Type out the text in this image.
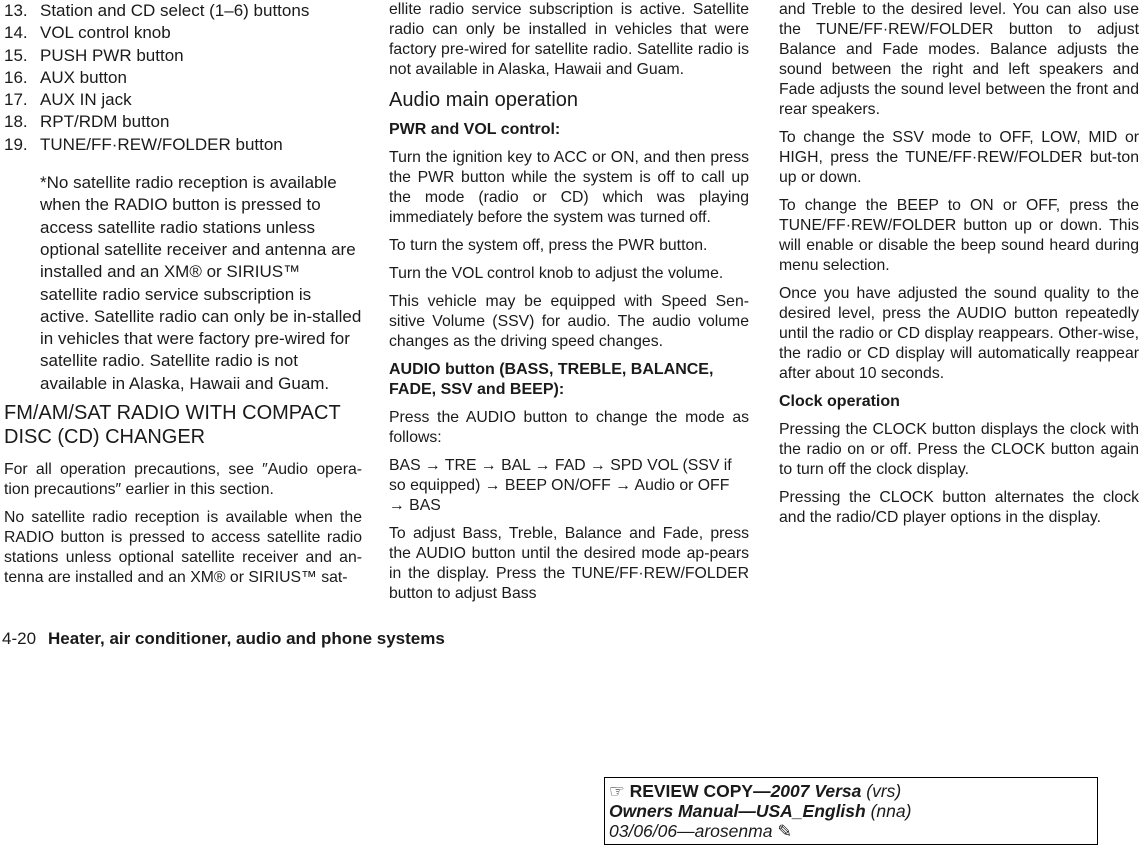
13. Station and CD select (1–6) buttons
14. VOL control knob
15. PUSH PWR button
16. AUX button
17. AUX IN jack
18. RPT/RDM button
19. TUNE/FF·REW/FOLDER button
*No satellite radio reception is available when the RADIO button is pressed to access satellite radio stations unless optional satellite receiver and antenna are installed and an XM® or SIRIUS™ satellite radio service subscription is active. Satellite radio can only be in-stalled in vehicles that were factory pre-wired for satellite radio. Satellite radio is not available in Alaska, Hawaii and Guam.
FM/AM/SAT RADIO WITH COMPACT DISC (CD) CHANGER

For all operation precautions, see ″Audio opera-tion precautions″ earlier in this section.

No satellite radio reception is available when the RADIO button is pressed to access satellite radio stations unless optional satellite receiver and an-tenna are installed and an XM® or SIRIUS™ sat-

ellite radio service subscription is active. Satellite radio can only be installed in vehicles that were factory pre-wired for satellite radio. Satellite radio is not available in Alaska, Hawaii and Guam.

Audio main operation
PWR and VOL control:

Turn the ignition key to ACC or ON, and then press the PWR button while the system is off to call up the mode (radio or CD) which was playing immediately before the system was turned off.

To turn the system off, press the PWR button.

Turn the VOL control knob to adjust the volume.

This vehicle may be equipped with Speed Sen-sitive Volume (SSV) for audio. The audio volume changes as the driving speed changes.

AUDIO button (BASS, TREBLE, BALANCE, FADE, SSV and BEEP):

Press the AUDIO button to change the mode as follows:

BAS → TRE → BAL → FAD → SPD VOL (SSV if so equipped) → BEEP ON/OFF → Audio or OFF → BAS

To adjust Bass, Treble, Balance and Fade, press the AUDIO button until the desired mode ap-pears in the display. Press the TUNE/FF·REW/FOLDER button to adjust Bass

and Treble to the desired level. You can also use the TUNE/FF·REW/FOLDER button to adjust Balance and Fade modes. Balance adjusts the sound between the right and left speakers and Fade adjusts the sound level between the front and rear speakers.

To change the SSV mode to OFF, LOW, MID or HIGH, press the TUNE/FF·REW/FOLDER but-ton up or down.

To change the BEEP to ON or OFF, press the TUNE/FF·REW/FOLDER button up or down. This will enable or disable the beep sound heard during menu selection.

Once you have adjusted the sound quality to the desired level, press the AUDIO button repeatedly until the radio or CD display reappears. Other-wise, the radio or CD display will automatically reappear after about 10 seconds.

Clock operation

Pressing the CLOCK button displays the clock with the radio on or off. Press the CLOCK button again to turn off the clock display.

Pressing the CLOCK button alternates the clock and the radio/CD player options in the display.

4-20 Heater, air conditioner, audio and phone systems
☞ REVIEW COPY—2007 Versa (vrs)
Owners Manual—USA_English (nna)
03/06/06—arosenma ✎
